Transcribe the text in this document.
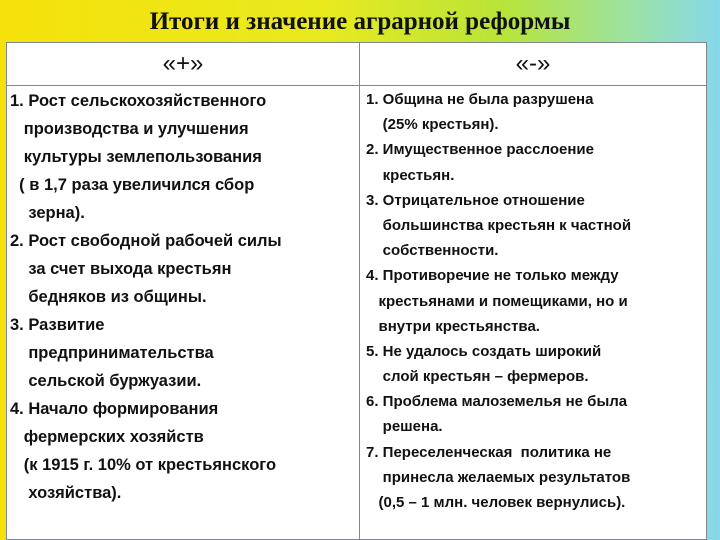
Итоги и значение аграрной реформы
«+»	«-»
1. Рост сельскохозяйственного
производства и улучшения
культуры землепользования
( в 1,7 раза увеличился сбор
зерна).
2. Рост свободной рабочей силы
за счет выхода крестьян
бедняков из общины.
3. Развитие
предпринимательства
сельской буржуазии.
4. Начало формирования
фермерских хозяйств
(к 1915 г. 10% от крестьянского
хозяйства).
1. Община не была разрушена
(25% крестьян).
2. Имущественное расслоение
крестьян.
3. Отрицательное отношение
большинства крестьян к частной
собственности.
4. Противоречие не только между
крестьянами и помещиками, но и
внутри крестьянства.
5. Не удалось создать широкий
слой крестьян – фермеров.
6. Проблема малоземелья не была
решена.
7. Переселенческая  политика не
принесла желаемых результатов
(0,5 – 1 млн. человек вернулись).
